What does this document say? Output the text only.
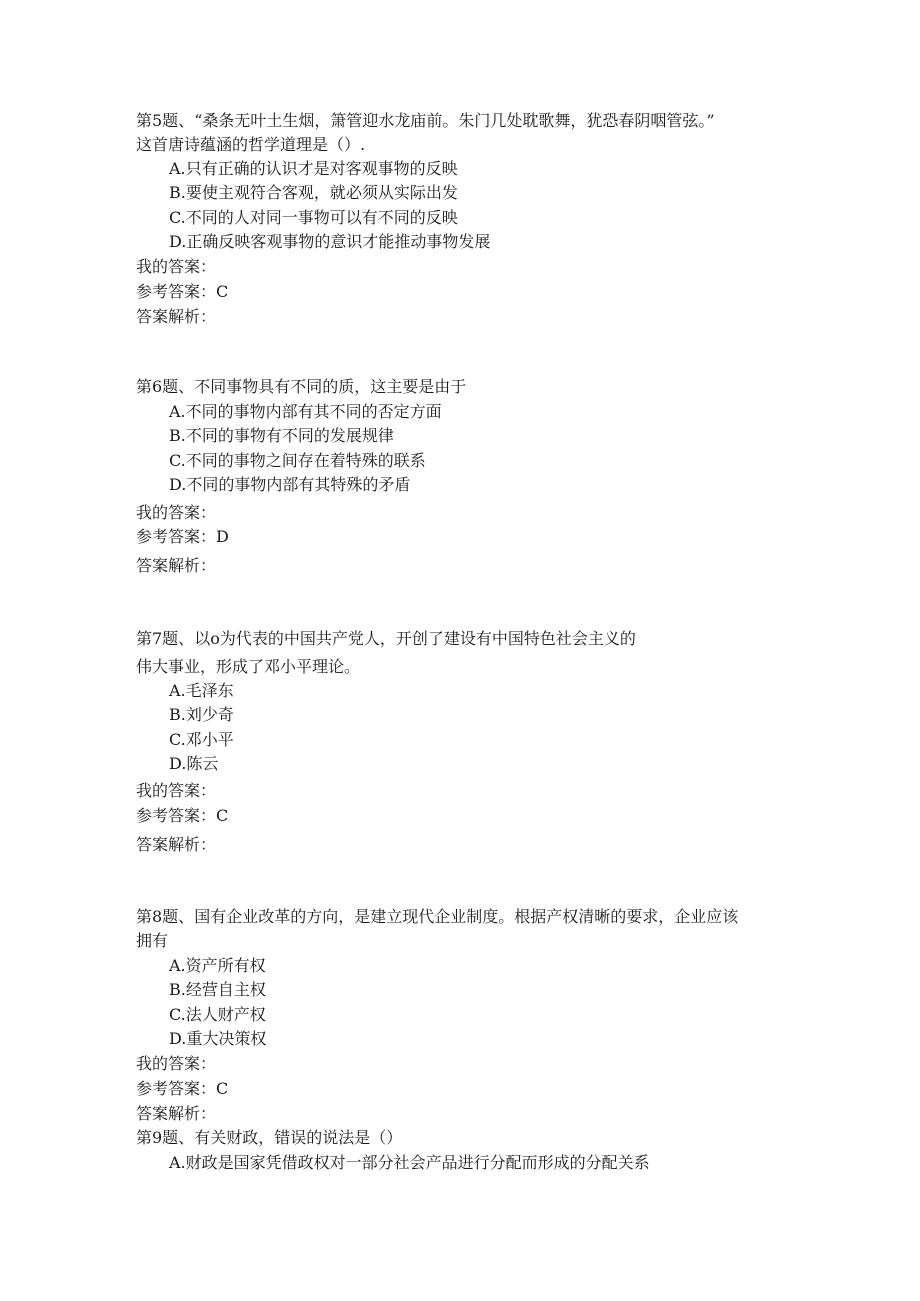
第5题、“桑条无叶土生烟，箫管迎水龙庙前。朱门几处耽歌舞，犹恐春阴咽管弦。”
这首唐诗蕴涵的哲学道理是（）.
A.只有正确的认识才是对客观事物的反映
B.要使主观符合客观，就必须从实际出发
C.不同的人对同一事物可以有不同的反映
D.正确反映客观事物的意识才能推动事物发展
我的答案：
参考答案：C
答案解析：
第6题、不同事物具有不同的质，这主要是由于
A.不同的事物内部有其不同的否定方面
B.不同的事物有不同的发展规律
C.不同的事物之间存在着特殊的联系
D.不同的事物内部有其特殊的矛盾
我的答案：
参考答案：D
答案解析：
第7题、以o为代表的中国共产党人，开创了建设有中国特色社会主义的
伟大事业，形成了邓小平理论。
A.毛泽东
B.刘少奇
C.邓小平
D.陈云
我的答案：
参考答案：C
答案解析：
第8题、国有企业改革的方向，是建立现代企业制度。根据产权清晰的要求，企业应该
拥有
A.资产所有权
B.经营自主权
C.法人财产权
D.重大决策权
我的答案：
参考答案：C
答案解析：
第9题、有关财政，错误的说法是（）
A.财政是国家凭借政权对一部分社会产品进行分配而形成的分配关系
